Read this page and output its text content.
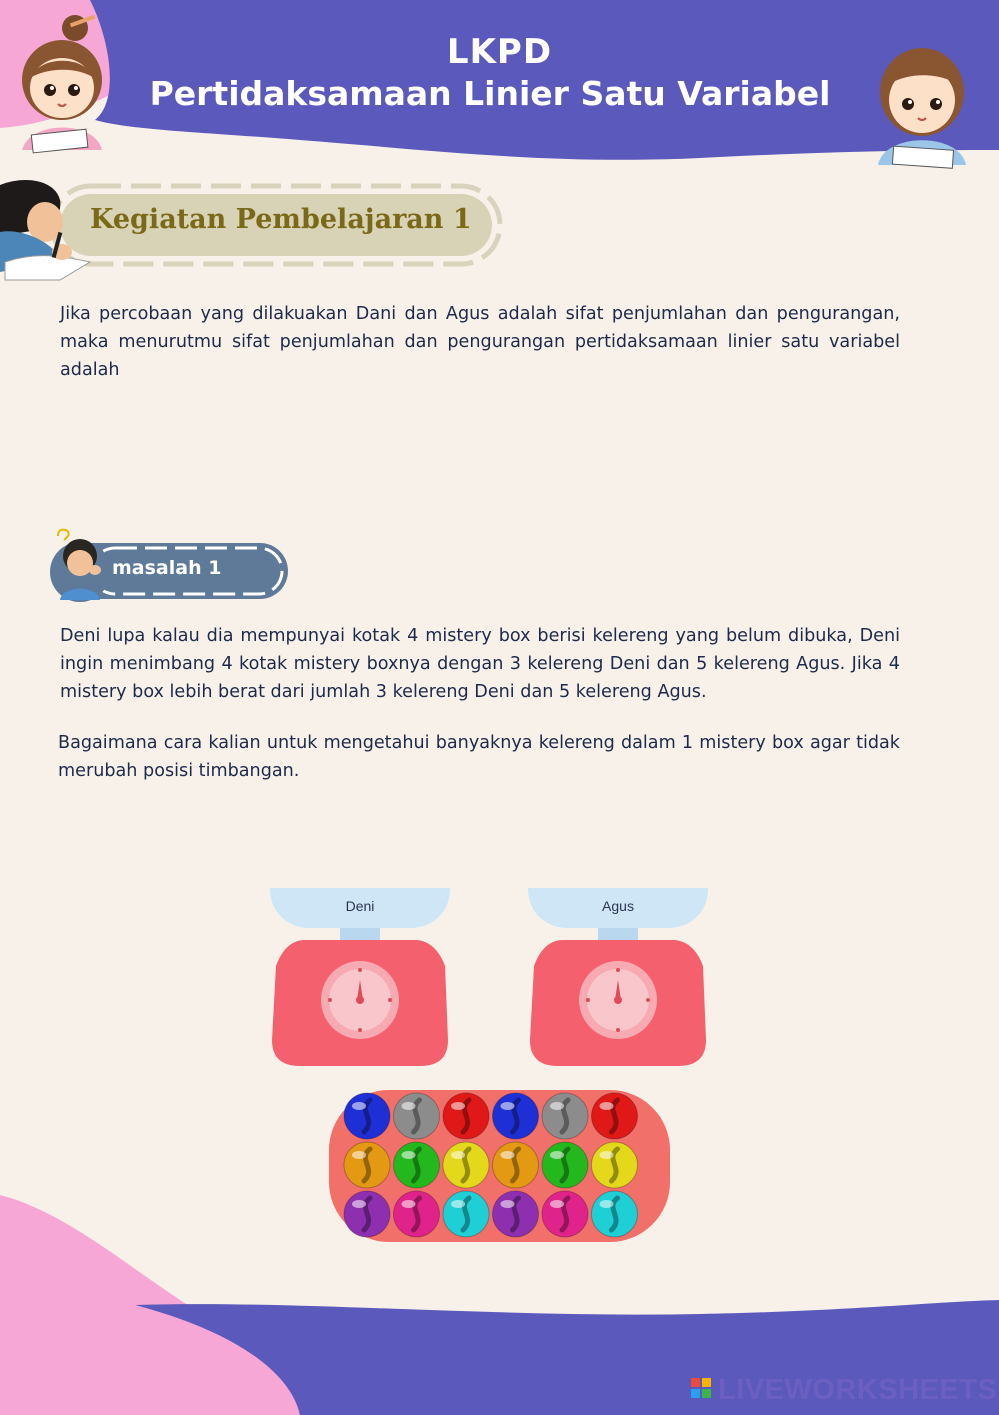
LKPD
Pertidaksamaan Linier Satu Variabel
Kegiatan Pembelajaran 1
Jika percobaan yang dilakuakan Dani dan Agus adalah sifat penjumlahan dan pengurangan, maka menurutmu sifat penjumlahan dan pengurangan pertidaksamaan linier satu variabel adalah
masalah 1
Deni lupa kalau dia mempunyai kotak 4 mistery box berisi kelereng yang belum dibuka, Deni ingin menimbang 4 kotak mistery boxnya dengan 3 kelereng Deni dan 5 kelereng Agus. Jika 4 mistery box lebih berat dari jumlah 3 kelereng Deni dan 5 kelereng Agus.
Bagaimana cara kalian untuk mengetahui banyaknya kelereng dalam 1 mistery box agar tidak merubah posisi timbangan.
Deni	Agus
LIVEWORKSHEETS
